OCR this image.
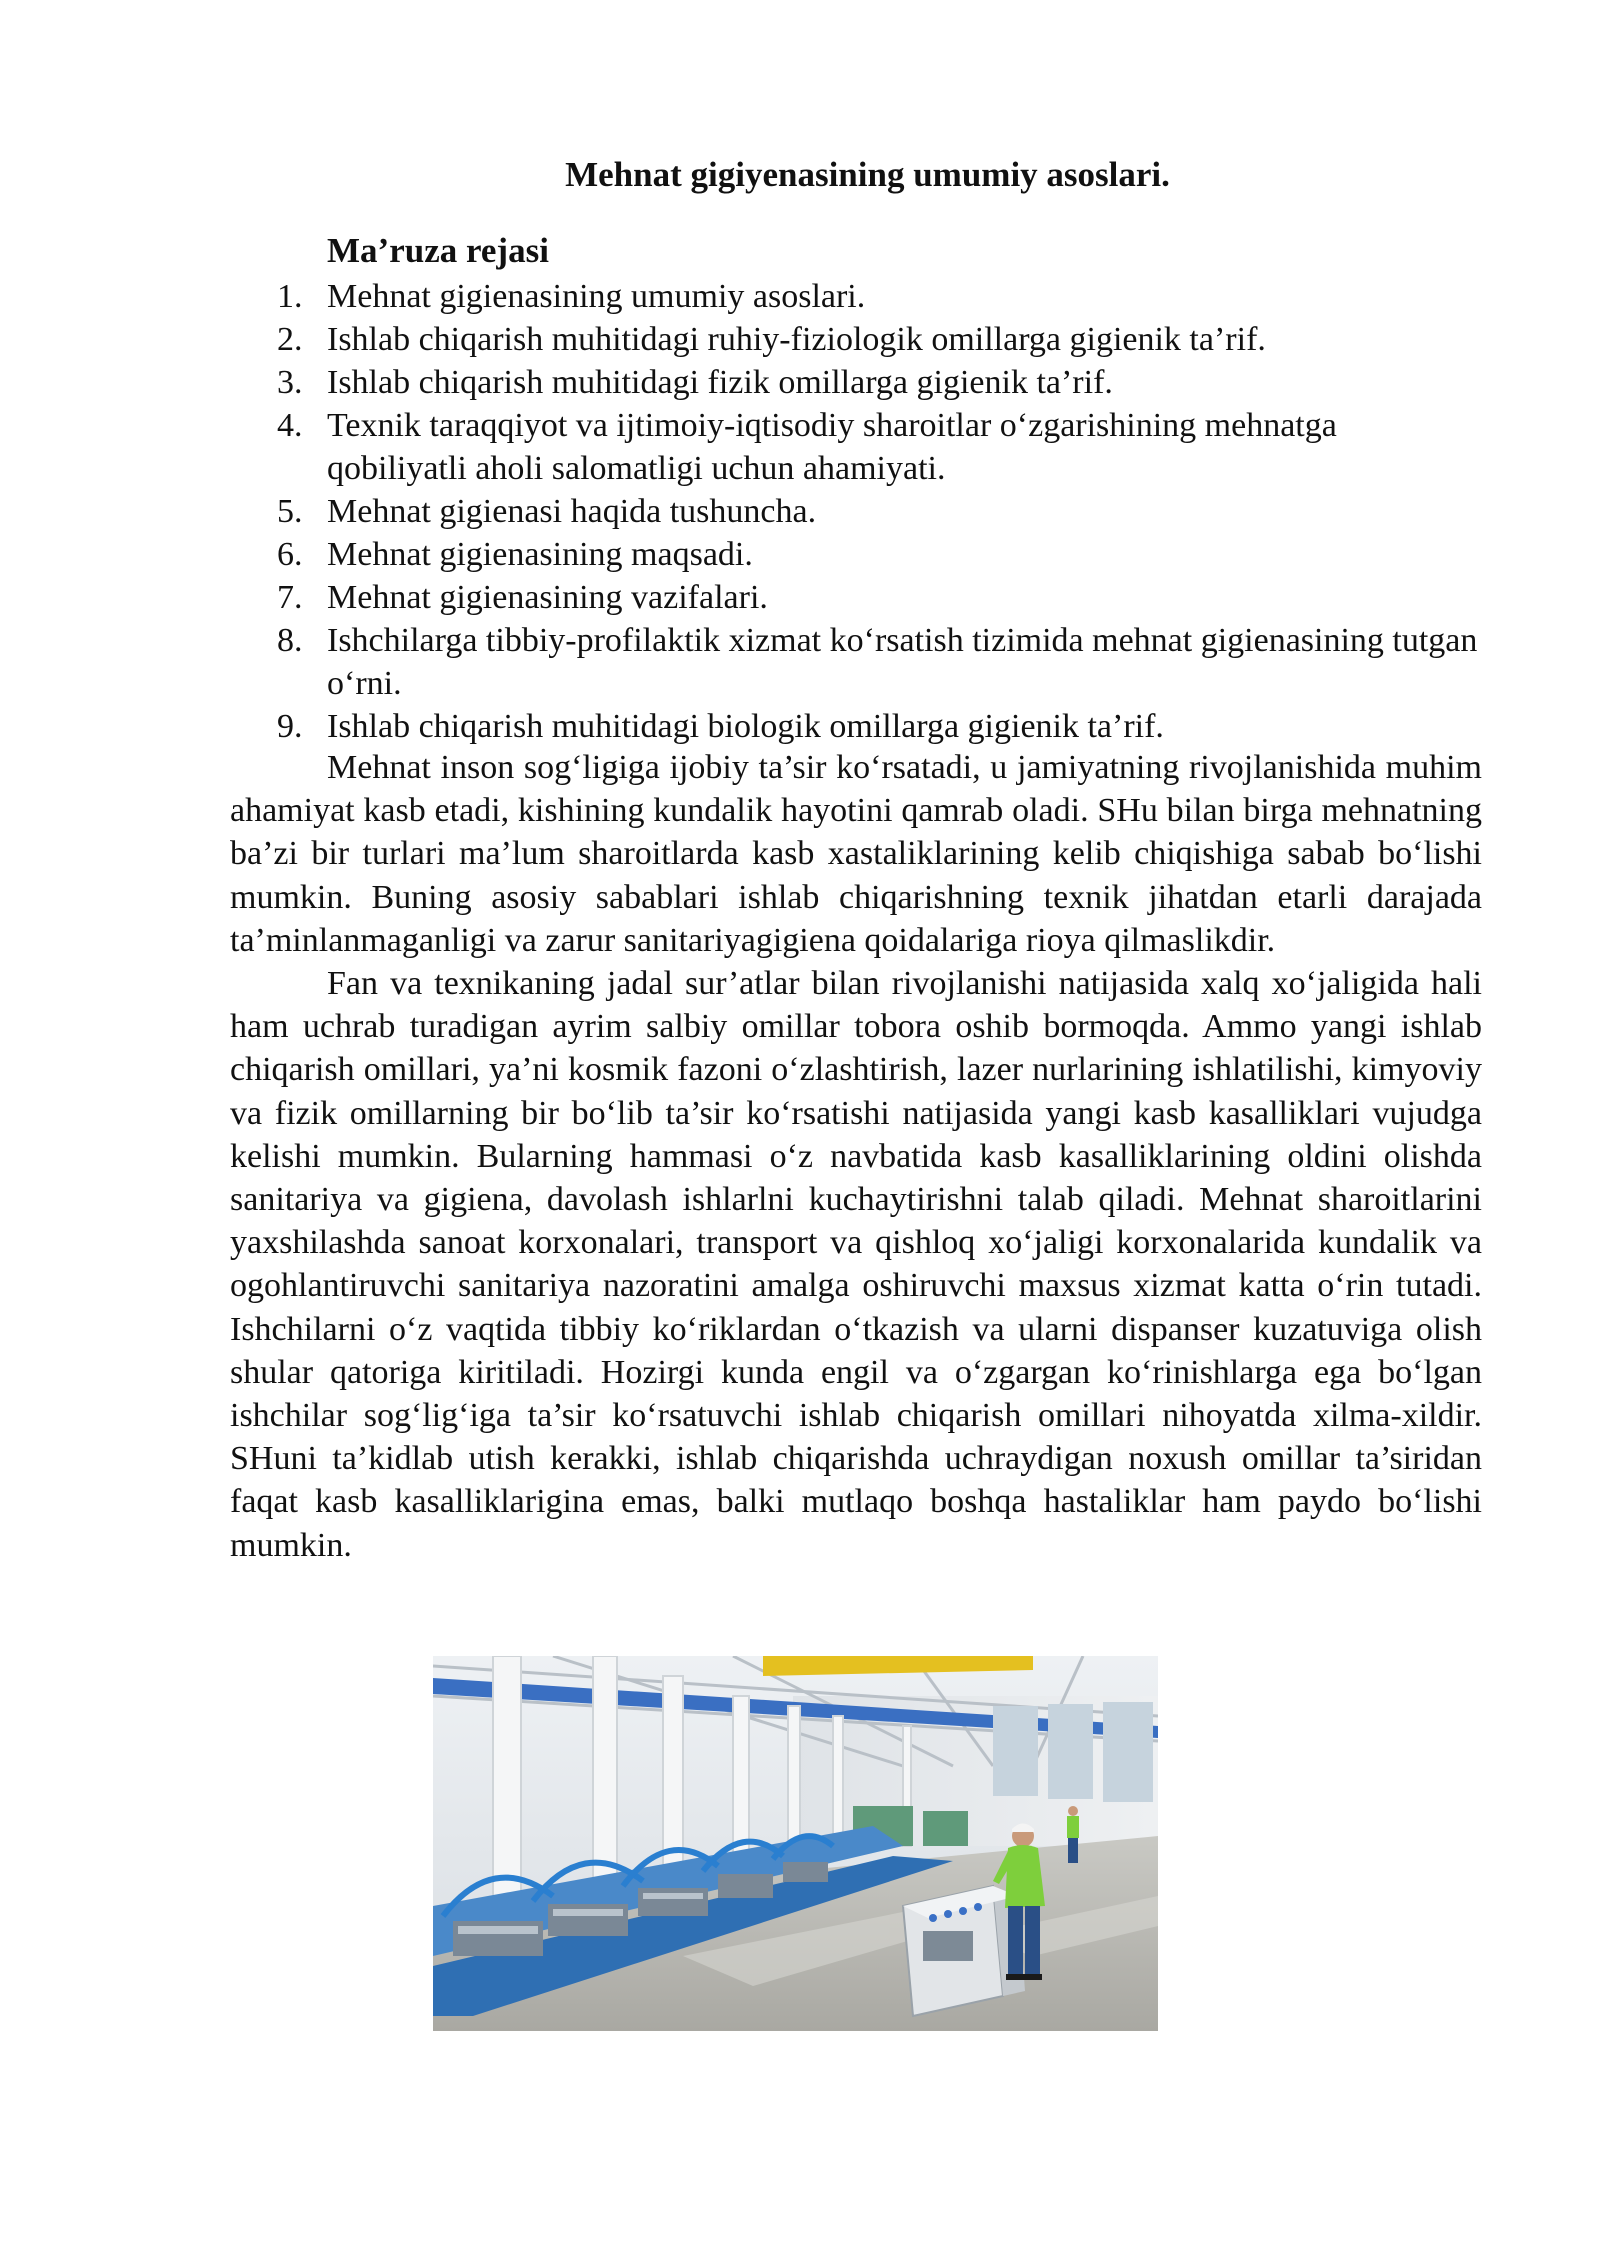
Mehnat gigiyenasining umumiy asoslari.
Ma’ruza rejasi
1. Mehnat gigienasining umumiy asoslari.
2. Ishlab chiqarish muhitidagi ruhiy-fiziologik omillarga gigienik ta’rif.
3. Ishlab chiqarish muhitidagi fizik omillarga gigienik ta’rif.
4. Texnik taraqqiyot va ijtimoiy-iqtisodiy sharoitlar o‘zgarishining mehnatga qobiliyatli aholi salomatligi uchun ahamiyati.
5. Mehnat gigienasi haqida tushuncha.
6. Mehnat gigienasining maqsadi.
7. Mehnat gigienasining vazifalari.
8. Ishchilarga tibbiy-profilaktik xizmat ko‘rsatish tizimida mehnat gigienasining tutgan o‘rni.
9. Ishlab chiqarish muhitidagi biologik omillarga gigienik ta’rif.

Mehnat inson sog‘ligiga ijobiy ta’sir ko‘rsatadi, u jamiyatning rivojlanishida muhim ahamiyat kasb etadi, kishining kundalik hayotini qamrab oladi. SHu bilan birga mehnatning ba’zi bir turlari ma’lum sharoitlarda kasb xastaliklarining kelib chiqishiga sabab bo‘lishi mumkin. Buning asosiy sabablari ishlab chiqarishning texnik jihatdan etarli darajada ta’minlanmaganligi va zarur sanitariyagigiena qoidalariga rioya qilmaslikdir.

Fan va texnikaning jadal sur’atlar bilan rivojlanishi natijasida xalq xo‘jaligida hali ham uchrab turadigan ayrim salbiy omillar tobora oshib bormoqda. Ammo yangi ishlab chiqarish omillari, ya’ni kosmik fazoni o‘zlashtirish, lazer nurlarining ishlatilishi, kimyoviy va fizik omillarning bir bo‘lib ta’sir ko‘rsatishi natijasida yangi kasb kasalliklari vujudga kelishi mumkin. Bularning hammasi o‘z navbatida kasb kasalliklarining oldini olishda sanitariya va gigiena, davolash ishlarlni kuchaytirishni talab qiladi. Mehnat sharoitlarini yaxshilashda sanoat korxonalari, transport va qishloq xo‘jaligi korxonalarida kundalik va ogohlantiruvchi sanitariya nazoratini amalga oshiruvchi maxsus xizmat katta o‘rin tutadi. Ishchilarni o‘z vaqtida tibbiy ko‘riklardan o‘tkazish va ularni dispanser kuzatuviga olish shular qatoriga kiritiladi. Hozirgi kunda engil va o‘zgargan ko‘rinishlarga ega bo‘lgan ishchilar sog‘lig‘iga ta’sir ko‘rsatuvchi ishlab chiqarish omillari nihoyatda xilma-xildir. SHuni ta’kidlab utish kerakki, ishlab chiqarishda uchraydigan noxush omillar ta’siridan faqat kasb kasalliklarigina emas, balki mutlaqo boshqa hastaliklar ham paydo bo‘lishi mumkin.
